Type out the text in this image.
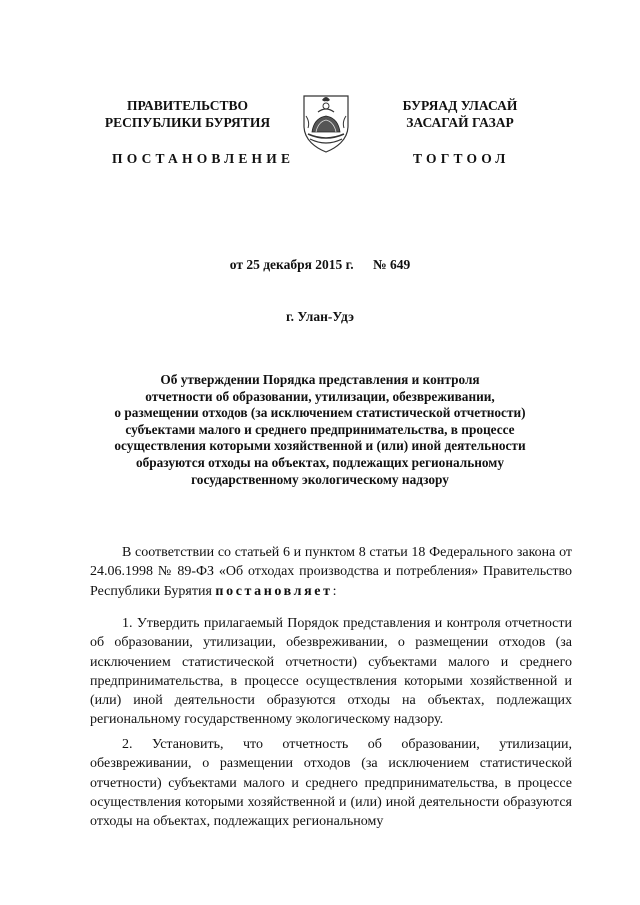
ПРАВИТЕЛЬСТВО
РЕСПУБЛИКИ БУРЯТИЯ
БУРЯАД УЛАСАЙ
ЗАСАГАЙ ГАЗАР
ПОСТАНОВЛЕНИЕ	ТОГТООЛ
от 25 декабря 2015 г. № 649
г. Улан-Удэ
Об утверждении Порядка представления и контроля
отчетности об образовании, утилизации, обезвреживании,
о размещении отходов (за исключением статистической отчетности)
субъектами малого и среднего предпринимательства, в процессе
осуществления которыми хозяйственной и (или) иной деятельности
образуются отходы на объектах, подлежащих региональному
государственному экологическому надзору

В соответствии со статьей 6 и пунктом 8 статьи 18 Федерального закона от 24.06.1998 № 89-ФЗ «Об отходах производства и потребления» Правительство Республики Бурятия постановляет:

1. Утвердить прилагаемый Порядок представления и контроля отчетности об образовании, утилизации, обезвреживании, о размещении отходов (за исключением статистической отчетности) субъектами малого и среднего предпринимательства, в процессе осуществления которыми хозяйственной и (или) иной деятельности образуются отходы на объектах, подлежащих региональному государственному экологическому надзору.

2. Установить, что отчетность об образовании, утилизации, обезвреживании, о размещении отходов (за исключением статистической отчетности) субъектами малого и среднего предпринимательства, в процессе осуществления которыми хозяйственной и (или) иной деятельности образуются отходы на объектах, подлежащих региональному
